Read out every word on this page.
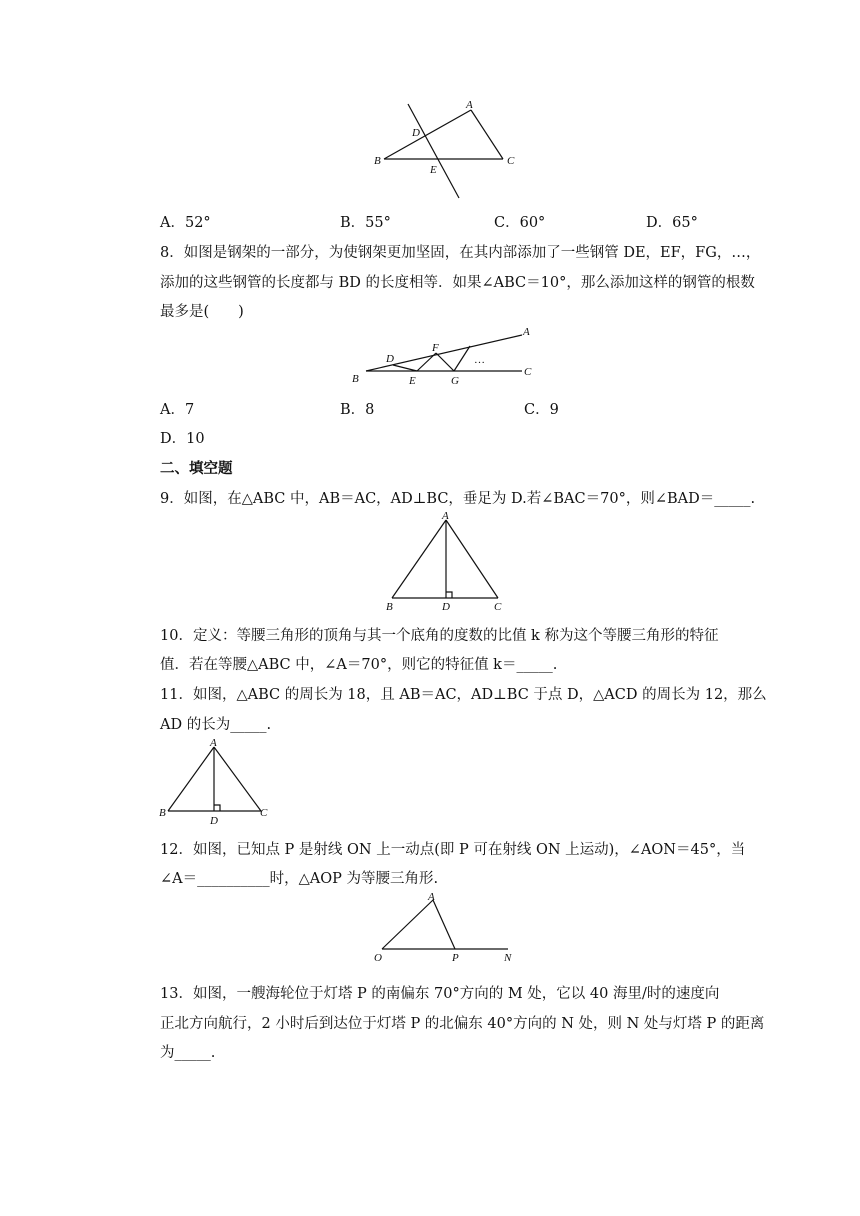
A
B	C
D
E
A．52°	B．55°	C．60°	D．65°
8．如图是钢架的一部分，为使钢架更加坚固，在其内部添加了一些钢管 DE，EF，FG，…，
添加的这些钢管的长度都与 BD 的长度相等．如果∠ABC＝10°，那么添加这样的钢管的根数
最多是(　　)
B
A
C
D
E
F
G
…
A．7	B．8	C．9
D．10
二、填空题
9．如图，在△ABC 中，AB＝AC，AD⊥BC，垂足为 D.若∠BAC＝70°，则∠BAD＝_____.
A
B	D	C
10．定义：等腰三角形的顶角与其一个底角的度数的比值 k 称为这个等腰三角形的特征
值．若在等腰△ABC 中，∠A＝70°，则它的特征值 k＝_____.
11．如图，△ABC 的周长为 18，且 AB＝AC，AD⊥BC 于点 D，△ACD 的周长为 12，那么
AD 的长为_____.
A
B
D
C
12．如图，已知点 P 是射线 ON 上一动点(即 P 可在射线 ON 上运动)，∠AON＝45°，当
∠A＝__________时，△AOP 为等腰三角形.
A
O	P	N
13．如图，一艘海轮位于灯塔 P 的南偏东 70°方向的 M 处，它以 40 海里/时的速度向
正北方向航行，2 小时后到达位于灯塔 P 的北偏东 40°方向的 N 处，则 N 处与灯塔 P 的距离
为_____.
